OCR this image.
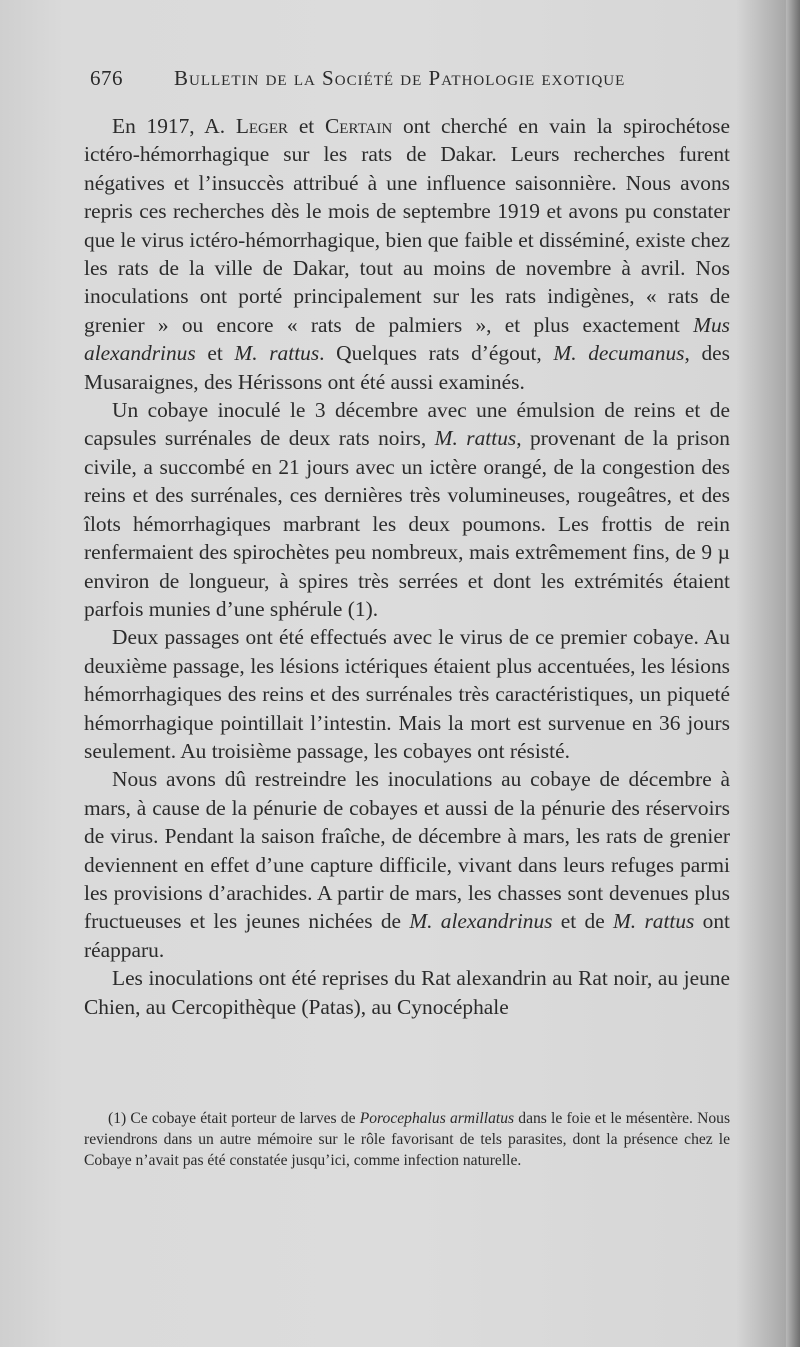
676 Bulletin de la Société de Pathologie exotique

En 1917, A. Leger et Certain ont cherché en vain la spirochétose ictéro-hémorrhagique sur les rats de Dakar. Leurs recherches furent négatives et l’insuccès attribué à une influence saisonnière. Nous avons repris ces recherches dès le mois de septembre 1919 et avons pu constater que le virus ictéro-hémorrhagique, bien que faible et disséminé, existe chez les rats de la ville de Dakar, tout au moins de novembre à avril. Nos inoculations ont porté principalement sur les rats indigènes, « rats de grenier » ou encore « rats de palmiers », et plus exactement Mus alexandrinus et M. rattus. Quelques rats d’égout, M. decumanus, des Musaraignes, des Hérissons ont été aussi examinés.

Un cobaye inoculé le 3 décembre avec une émulsion de reins et de capsules surrénales de deux rats noirs, M. rattus, provenant de la prison civile, a succombé en 21 jours avec un ictère orangé, de la congestion des reins et des surrénales, ces dernières très volumineuses, rougeâtres, et des îlots hémorrhagiques marbrant les deux poumons. Les frottis de rein renfermaient des spirochètes peu nombreux, mais extrêmement fins, de 9 µ environ de longueur, à spires très serrées et dont les extrémités étaient parfois munies d’une sphérule (1).

Deux passages ont été effectués avec le virus de ce premier cobaye. Au deuxième passage, les lésions ictériques étaient plus accentuées, les lésions hémorrhagiques des reins et des surrénales très caractéristiques, un piqueté hémorrhagique pointillait l’intestin. Mais la mort est survenue en 36 jours seulement. Au troisième passage, les cobayes ont résisté.

Nous avons dû restreindre les inoculations au cobaye de décembre à mars, à cause de la pénurie de cobayes et aussi de la pénurie des réservoirs de virus. Pendant la saison fraîche, de décembre à mars, les rats de grenier deviennent en effet d’une capture difficile, vivant dans leurs refuges parmi les provisions d’arachides. A partir de mars, les chasses sont devenues plus fructueuses et les jeunes nichées de M. alexandrinus et de M. rattus ont réapparu.

Les inoculations ont été reprises du Rat alexandrin au Rat noir, au jeune Chien, au Cercopithèque (Patas), au Cynocéphale

(1) Ce cobaye était porteur de larves de Porocephalus armillatus dans le foie et le mésentère. Nous reviendrons dans un autre mémoire sur le rôle favorisant de tels parasites, dont la présence chez le Cobaye n’avait pas été constatée jusqu’ici, comme infection naturelle.
